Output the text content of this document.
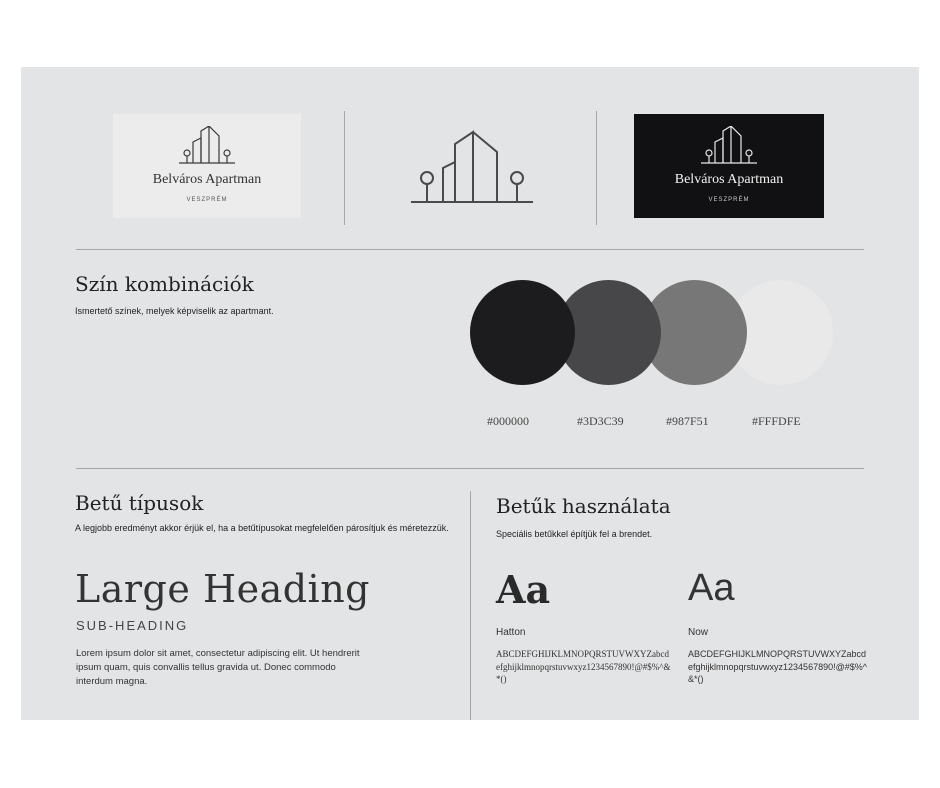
Belváros Apartman
VESZPRÉM
Belváros Apartman
VESZPRÉM
Szín kombinációk
Ismertető színek, melyek képviselik az apartmant.
#000000	#3D3C39	#987F51	#FFFDFE
Betű típusok
A legjobb eredményt akkor érjük el, ha a betűtípusokat megfelelően párosítjuk és méretezzük.
Large Heading
SUB-HEADING
Lorem ipsum dolor sit amet, consectetur adipiscing elit. Ut hendrerit ipsum quam, quis convallis tellus gravida ut. Donec commodo interdum magna.
Betűk használata
Speciális betűkkel építjük fel a brendet.
Aa
Hatton
ABCDEFGHIJKLMNOPQRSTUVWXYZabcdefghijklmnopqrstuvwxyz1234567890!@#$%^&*()
Aa
Now
ABCDEFGHIJKLMNOPQRSTUVWXYZabcdefghijklmnopqrstuvwxyz1234567890!@#$%^&*()
